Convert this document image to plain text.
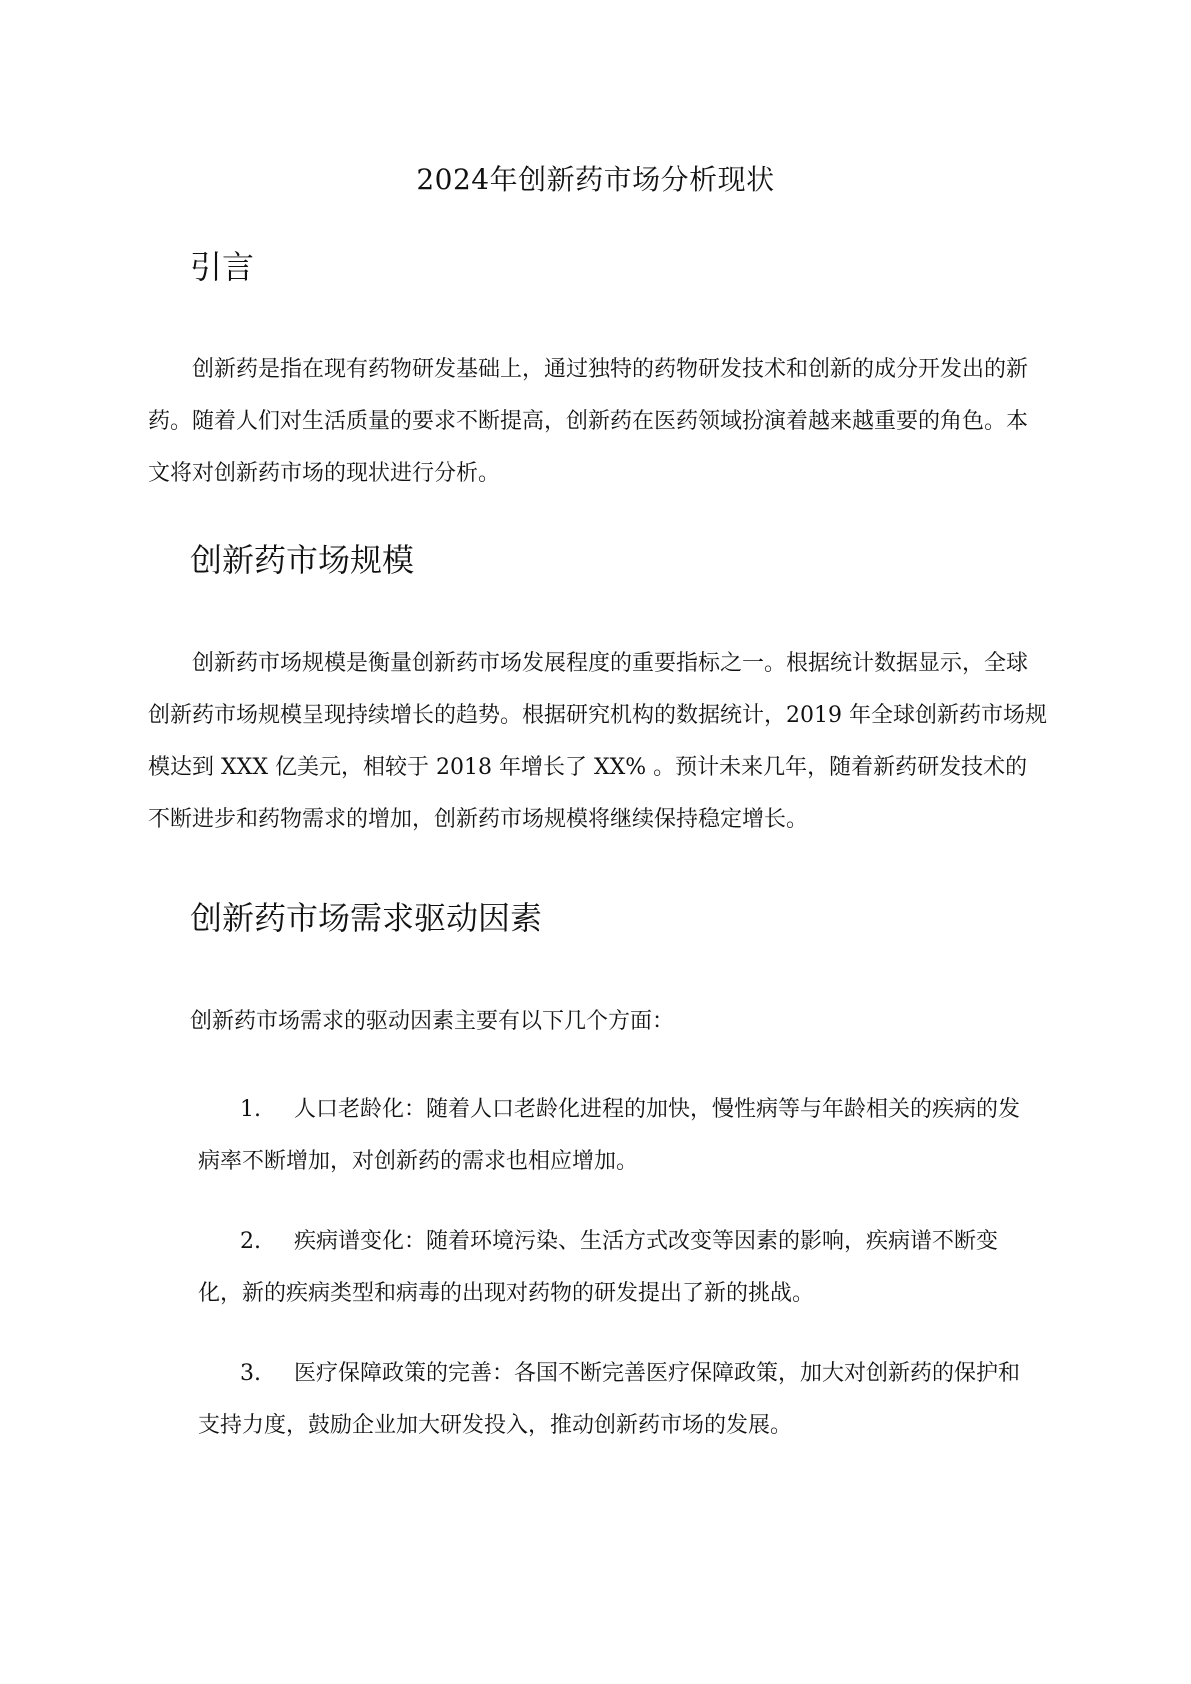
2024年创新药市场分析现状
引言

创新药是指在现有药物研发基础上，通过独特的药物研发技术和创新的成分开发出的新药。随着人们对生活质量的要求不断提高，创新药在医药领域扮演着越来越重要的角色。本文将对创新药市场的现状进行分析。

创新药市场规模

创新药市场规模是衡量创新药市场发展程度的重要指标之一。根据统计数据显示，全球创新药市场规模呈现持续增长的趋势。根据研究机构的数据统计，2019 年全球创新药市场规模达到 XXX 亿美元，相较于 2018 年增长了 XX% 。预计未来几年，随着新药研发技术的不断进步和药物需求的增加，创新药市场规模将继续保持稳定增长。

创新药市场需求驱动因素
创新药市场需求的驱动因素主要有以下几个方面：
1. 人口老龄化：随着人口老龄化进程的加快，慢性病等与年龄相关的疾病的发病率不断增加，对创新药的需求也相应增加。
2. 疾病谱变化：随着环境污染、生活方式改变等因素的影响，疾病谱不断变化，新的疾病类型和病毒的出现对药物的研发提出了新的挑战。
3. 医疗保障政策的完善：各国不断完善医疗保障政策，加大对创新药的保护和支持力度，鼓励企业加大研发投入，推动创新药市场的发展。
